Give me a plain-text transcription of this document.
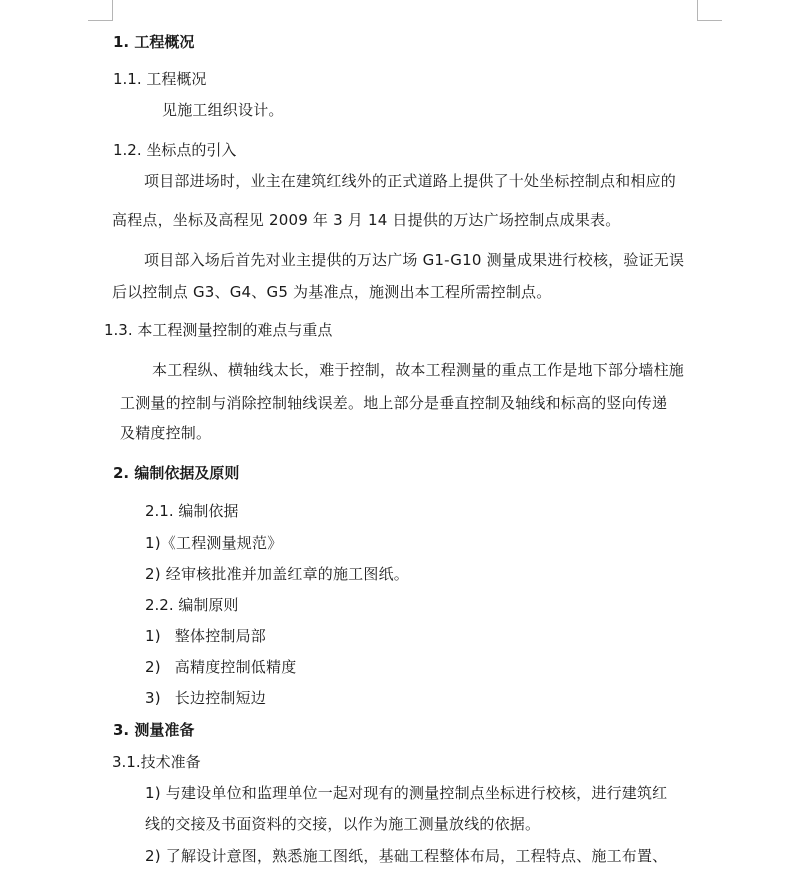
1. 工程概况
1.1. 工程概况
见施工组织设计。
1.2. 坐标点的引入
项目部进场时，业主在建筑红线外的正式道路上提供了十处坐标控制点和相应的
高程点，坐标及高程见 2009 年 3 月 14 日提供的万达广场控制点成果表。
项目部入场后首先对业主提供的万达广场 G1-G10 测量成果进行校核，验证无误
后以控制点 G3、G4、G5 为基准点，施测出本工程所需控制点。
1.3. 本工程测量控制的难点与重点
本工程纵、横轴线太长，难于控制，故本工程测量的重点工作是地下部分墙柱施
工测量的控制与消除控制轴线误差。地上部分是垂直控制及轴线和标高的竖向传递
及精度控制。
2. 编制依据及原则
2.1. 编制依据
1)《工程测量规范》
2) 经审核批准并加盖红章的施工图纸。
2.2. 编制原则
1) 整体控制局部
2) 高精度控制低精度
3) 长边控制短边
3. 测量准备
3.1.技术准备
1) 与建设单位和监理单位一起对现有的测量控制点坐标进行校核，进行建筑红
线的交接及书面资料的交接，以作为施工测量放线的依据。
2) 了解设计意图，熟悉施工图纸，基础工程整体布局，工程特点、施工布置、
